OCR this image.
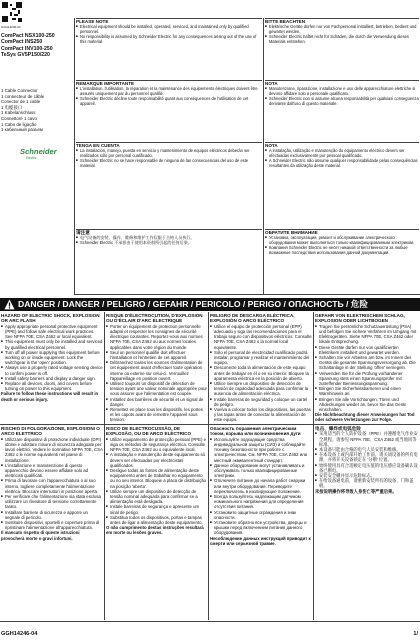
GGH14246-04
ComPact NSX100-250
ComPact INS250
ComPact INV100-250
TeSys GV5P150/220
1 Cable Connector
1 connecteur de câble
Conector de 1 cable
1 电缆接口
1 Kabelanschluss
Connettore 1 cavo
1 Cabo de ligação
1 кабельный разъем
Schneider
Electric
PLEASE NOTE
■ Electrical equipment should be installed, operated, serviced, and maintained only by qualified personnel.
■ No responsibility is assumed by Schneider Electric for any consequences arising out of the use of this material.
BITTE BEACHTEN
■ Elektrische Geräte dürfen nur von Fachpersonal installiert, betrieben, bedient und gewartet werden.
■ Schneider Electric haftet nicht für Schäden, die durch die Verwendung dieses Materials entstehen.
REMARQUE IMPORTANTE
■ L'installation, l'utilisation, la réparation et la maintenance des équipements électriques doivent être assurés uniquement par du personnel qualifié.
■ Schneider Electric décline toute responsabilité quant aux conséquences de l'utilisation de cet appareil.
NOTA
■ Manutenzione, riparazione, installazione e uso delle apparecchiature elettriche si devono affidare solo a personale qualificato.
■ Schneider Electric non si assume alcuna responsabilità per qualsiasi conseguenza derivante dall'uso di questo materiale.
TENGA EN CUENTA
■ La instalación, manejo, puesta en servicio y mantenimiento de equipos eléctricos deberán ser realizados sólo por personal cualificado.
■ Schneider Electric no se hace responsable de ninguna de las consecuencias del uso de este material.
NOTA
■ A instalação, utilização e manutenção do equipamento eléctrico devem ser efectuadas exclusivamente por pessoal qualificado.
■ A Schneider Electric não assume qualquer responsabilidade pelas consequências resultantes da utilização deste material.
请注意
■ 电气设备的安装、操作、维修和维护工作仅限于合格人员执行。
■ Schneider Electric 不承担由于使用本资料所引起的任何后果。
ОБРАТИТЕ ВНИМАНИЕ
■ Установка, эксплуатация, ремонт и обслуживание электрического оборудования может выполняться только квалифицированным электриком.
■ Компания Schneider Electric не несет никакой ответственности за любые возможные последствия использования данной документации.
DANGER / DANGER / PELIGRO / GEFAHR / PERICOLO / PERIGO / ОПАСНОСТЬ / 危险
HAZARD OF ELECTRIC SHOCK, EXPLOSION OR ARC FLASH

■ Apply appropriate personal protective equipment (PPE) and follow safe electrical work practices. See NFPA 70E, CSA Z462 or local equivalent.

■ This equipment must only be installed and serviced by qualified electrical personnel.

■ Turn off all power supplying this equipment before working on or inside equipment. Lock the switchgear in the 'open' position.

■ Always use a properly rated voltage sensing device to confirm power is off.

■ Install safety barriers and display a danger sign.

■ Replace all devices, doors, and covers before turning on power to this equipment.

Failure to follow these instructions will result in death or serious injury.

RISQUE D'ÉLECTROCUTION, D'EXPLOSION OU D'ÉCLAIR D'ARC ÉLECTRIQUE

■ Porter un équipement de protection personnelle adapté et respecter les consignes de sécurité électrique courantes. Reportez-vous aux normes NFPA 70E, CSA Z462 ou aux normes locales applicables dans votre région du monde.

■ Seul un personnel qualifié doit effectuer l'installation et l'entretien de cet appareil.

■ Débranchez toutes les sources d'alimentation de cet équipement avant d'effectuer toute opération interne ou externe sur celui-ci. Verrouillez l'appareillage en position ouvert.

■ Utilisez toujours un dispositif de détection de tension ayant une valeur nominale appropriée pour vous assurer que l'alimentation est coupée.

■ Installez des barrières de sécurité et un signal de danger.

■ Remettez en place tous les dispositifs, les portes et les capots avant de remettre l'appareil sous tension.

PELIGRO DE DESCARGA ELÉCTRICA, EXPLOSIÓN O ARCO ELÉCTRICO

■ Utilice el equipo de protección personal (EPP) adecuado y siga las recomendaciones para el trabajo seguro con dispositivos eléctricos. Consulte NFPA 70E, CSA Z462 o la normal local equivalente.

■ Sólo el personal de electricidad cualificado podrá instalar, programar y realizar el mantenimiento del equipo.

■ Desconecte toda la alimentación de este equipo antes de trabajar en él o en su interior. Bloquee la aparamenta eléctrica en la posición de abierto.

■ Utilice siempre un dispositivo de detección de tensión de capacidad adecuada para confirmar la ausencia de alimentación eléctrica.

■ Instale barreras de seguridad y coloque un cartel de peligro.

■ Vuelva a colocar todos los dispositivos, las puertas y las tapas antes de conectar la alimentación de este equipo.

GEFAHR VON ELEKTRISCHEM SCHLAG, EXPLOSION ODER LICHTBOGEN

■ Tragen Sie persönliche Schutzausrüstung (PSA) und befolgen Sie sichere Verfahren im Umgang mit Elektrogeräten. Siehe NFPA 70E, CSA Z462 oder lokale Entsprechung.

■ Diese Geräte dürfen nur von qualifizierten Elektrikern installiert und gewartet werden.

■ Schalten Sie vor Arbeiten am bzw. im Innern des Geräts die gesamte Spannungsversorgung ab. Die Schaltanlage in der Stellung 'offen' verriegeln.

■ Verwenden Sie für die Prüfung vorhandener Spannung stets einen Spannungsprüfer mit zutreffender Bemessungsspannung.

■ Bringen Sie Sicherheitsbarrieren und einen Warnhinweis an.

■ Bringen Sie alle Vorrichtungen, Türen und Abdeckungen wieder an, bevor Sie das Gerät einschalten.

Die Nichtbeachtung dieser Anweisungen hat Tod oder schwere Verletzungen zur Folge.

RISCHIO DI FOLGORAZIONE, ESPLOSIONI O ARCO ELETTRICO

■ Utilizzare dispositivi di protezione individuale (DPI) idonei e adottare misure di sicurezza adeguate per lavori elettrici. Vedere le normative NFPA 70E, CSA Z462 o le norme equivalenti nel paese di installazione.

■ L'installazione e manutenzione di questo apparecchio devono essere affidate solo ad elettricisti qualificati.

■ Prima di lavorare con l'apparecchiatura o al suo interno, togliere completamente l'alimentazione elettrica. Bloccare interruttori in posizione aperta.

■ Per verificare che l'alimentazione sia stata esclusa utilizzare un rilevatore di tensione correttamente tarato.

■ Installare barriere di sicurezza e apporre un segnale di pericolo.

■ Sostituire dispositivi, sportelli e coperture prima di ripristinare l'alimentazione all'apparecchiatura.

Il mancato rispetto di queste istruzioni provocherà morte o gravi infortuni.

RISCO DE ELECTROCUSSÃO, DE EXPLOSÃO, OU DE ARCO ELÉCTRICO

■ Utilize equipamento de protecção pessoal (PPE) e siga os métodos de segurança eléctrica. Consulte NFPA 70E, CSA Z462 ou o equivalente local.

■ A instalação e manutenção deste equipamento só devem ser efectuadas por electricistas qualificados.

■ Desligue todas as fontes de alimentação deste equipamento antes de trabalhar no equipamento ou no seu interior. Bloqueie a placa de distribuição na posição 'aberta'.

■ Utilize sempre um dispositivo de detecção de tensão nominal adequada para confirmar se a alimentação está desligada.

■ Instale barreiras de segurança e apresente um sinal de perigo.

■ Substitua todos os dispositivos, portas e tampas antes de ligar a alimentação deste equipamento.

O não cumprimento destas instruções resultará em morte ou lesões graves.

Опасность поражения электрическим током, взрыва или возникновения дуги

■ Используйте подходящие средства индивидуальной защиты (СИЗ) и соблюдайте технику безопасности при работе с электричеством. См. NFPA 70E, CSA Z462 или местный эквивалентный стандарт.

■ Данное оборудование могут устанавливать и обслуживать только квалифицированные электрики.

■ Отключите питание до начала работ снаружи или внутри оборудования. Переведите переключатель в изолирующее положение.

■ Всегда пользуйтесь надлежащим датчиком номинального напряжения для определения отсутствия питания.

■ Установите защитные ограждения и знак опасности.

■ Установите обратно все устройства, дверцы и крышки перед включением питания данного оборудования.

Несоблюдение данных инструкций приводит к смерти или серьезной травме.

电击、爆炸或电弧危险

■ 采用适当的个人防护设备（PPE）并遵循电气作业安全规程。请参见 NFPA 70E、CSA Z462 或当地同等标准。

■ 本设备只能由合格的电气人员安装和维修。

■ 在本设备上或内部开始工作前，请关闭设备的所有电源，并将开关设备锁定在 '分断' 位置。

■ 始终使用具有合适额定电压值的电压感应设备确认设备已断电。

■ 安装安全栅并显示危险标志。

■ 在给设备通电前，请重新安装所有的设备、门和盖板。

未按说明操作将导致人身伤亡等严重后果。

GGH14246-04	1/
